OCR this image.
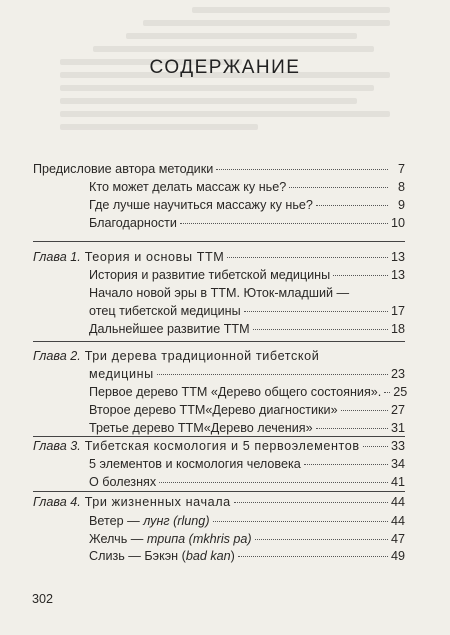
СОДЕРЖАНИЕ
Предисловие автора методики	7
Кто может делать массаж ку нье?	8
Где лучше научиться массажу ку нье?	9
Благодарности	10
Глава 1. Теория и основы ТТМ	13
История и развитие тибетской медицины	13
Начало новой эры в ТТМ. Юток-младший —
отец тибетской медицины	17
Дальнейшее развитие ТТМ	18
Глава 2. Три дерева традиционной тибетской
медицины	23
Первое дерево ТТМ «Дерево общего состояния». 25
Второе дерево ТТМ«Дерево диагностики»	27
Третье дерево ТТМ«Дерево лечения»	31
Глава 3. Тибетская космология и 5 первоэлементов 33
5 элементов и космология человека	34
О болезнях	41
Глава 4. Три жизненных начала	44
Ветер — лунг (rlung)	44
Желчь — трипа (mkhris pa)	47
Слизь — Бэкэн (bad kan)	49
302
